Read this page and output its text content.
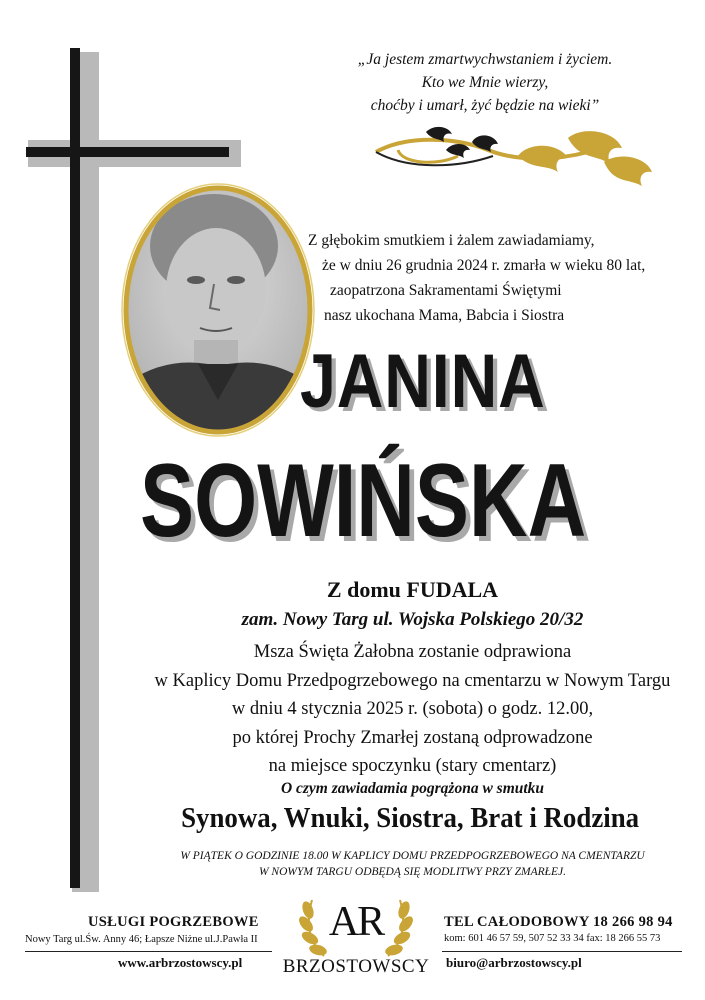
„Ja jestem zmartwychwstaniem i życiem.
Kto we Mnie wierzy,
choćby i umarł, żyć będzie na wieki”
Z głębokim smutkiem i żalem zawiadamiamy,
że w dniu 26 grudnia 2024 r. zmarła w wieku 80 lat,
zaopatrzona Sakramentami Świętymi
nasz ukochana Mama, Babcia i Siostra
JANINA
SOWIŃSKA
Z domu FUDALA
zam. Nowy Targ ul. Wojska Polskiego 20/32
Msza Święta Żałobna zostanie odprawiona
w Kaplicy Domu Przedpogrzebowego na cmentarzu w Nowym Targu
w dniu 4 stycznia 2025 r. (sobota) o godz. 12.00,
po której Prochy Zmarłej zostaną odprowadzone
na miejsce spoczynku (stary cmentarz)
O czym zawiadamia pogrążona w smutku
Synowa, Wnuki, Siostra, Brat i Rodzina
W PIĄTEK O GODZINIE 18.00 W KAPLICY DOMU PRZEDPOGRZEBOWEGO NA CMENTARZU
W NOWYM TARGU ODBĘDĄ SIĘ MODLITWY PRZY ZMARŁEJ.
USŁUGI POGRZEBOWE
Nowy Targ ul.Św. Anny 46; Łapsze Niżne ul.J.Pawła II
www.arbrzostowscy.pl
AR
BRZOSTOWSCY
TEL CAŁODOBOWY 18 266 98 94
kom: 601 46 57 59, 507 52 33 34 fax: 18 266 55 73
biuro@arbrzostowscy.pl
